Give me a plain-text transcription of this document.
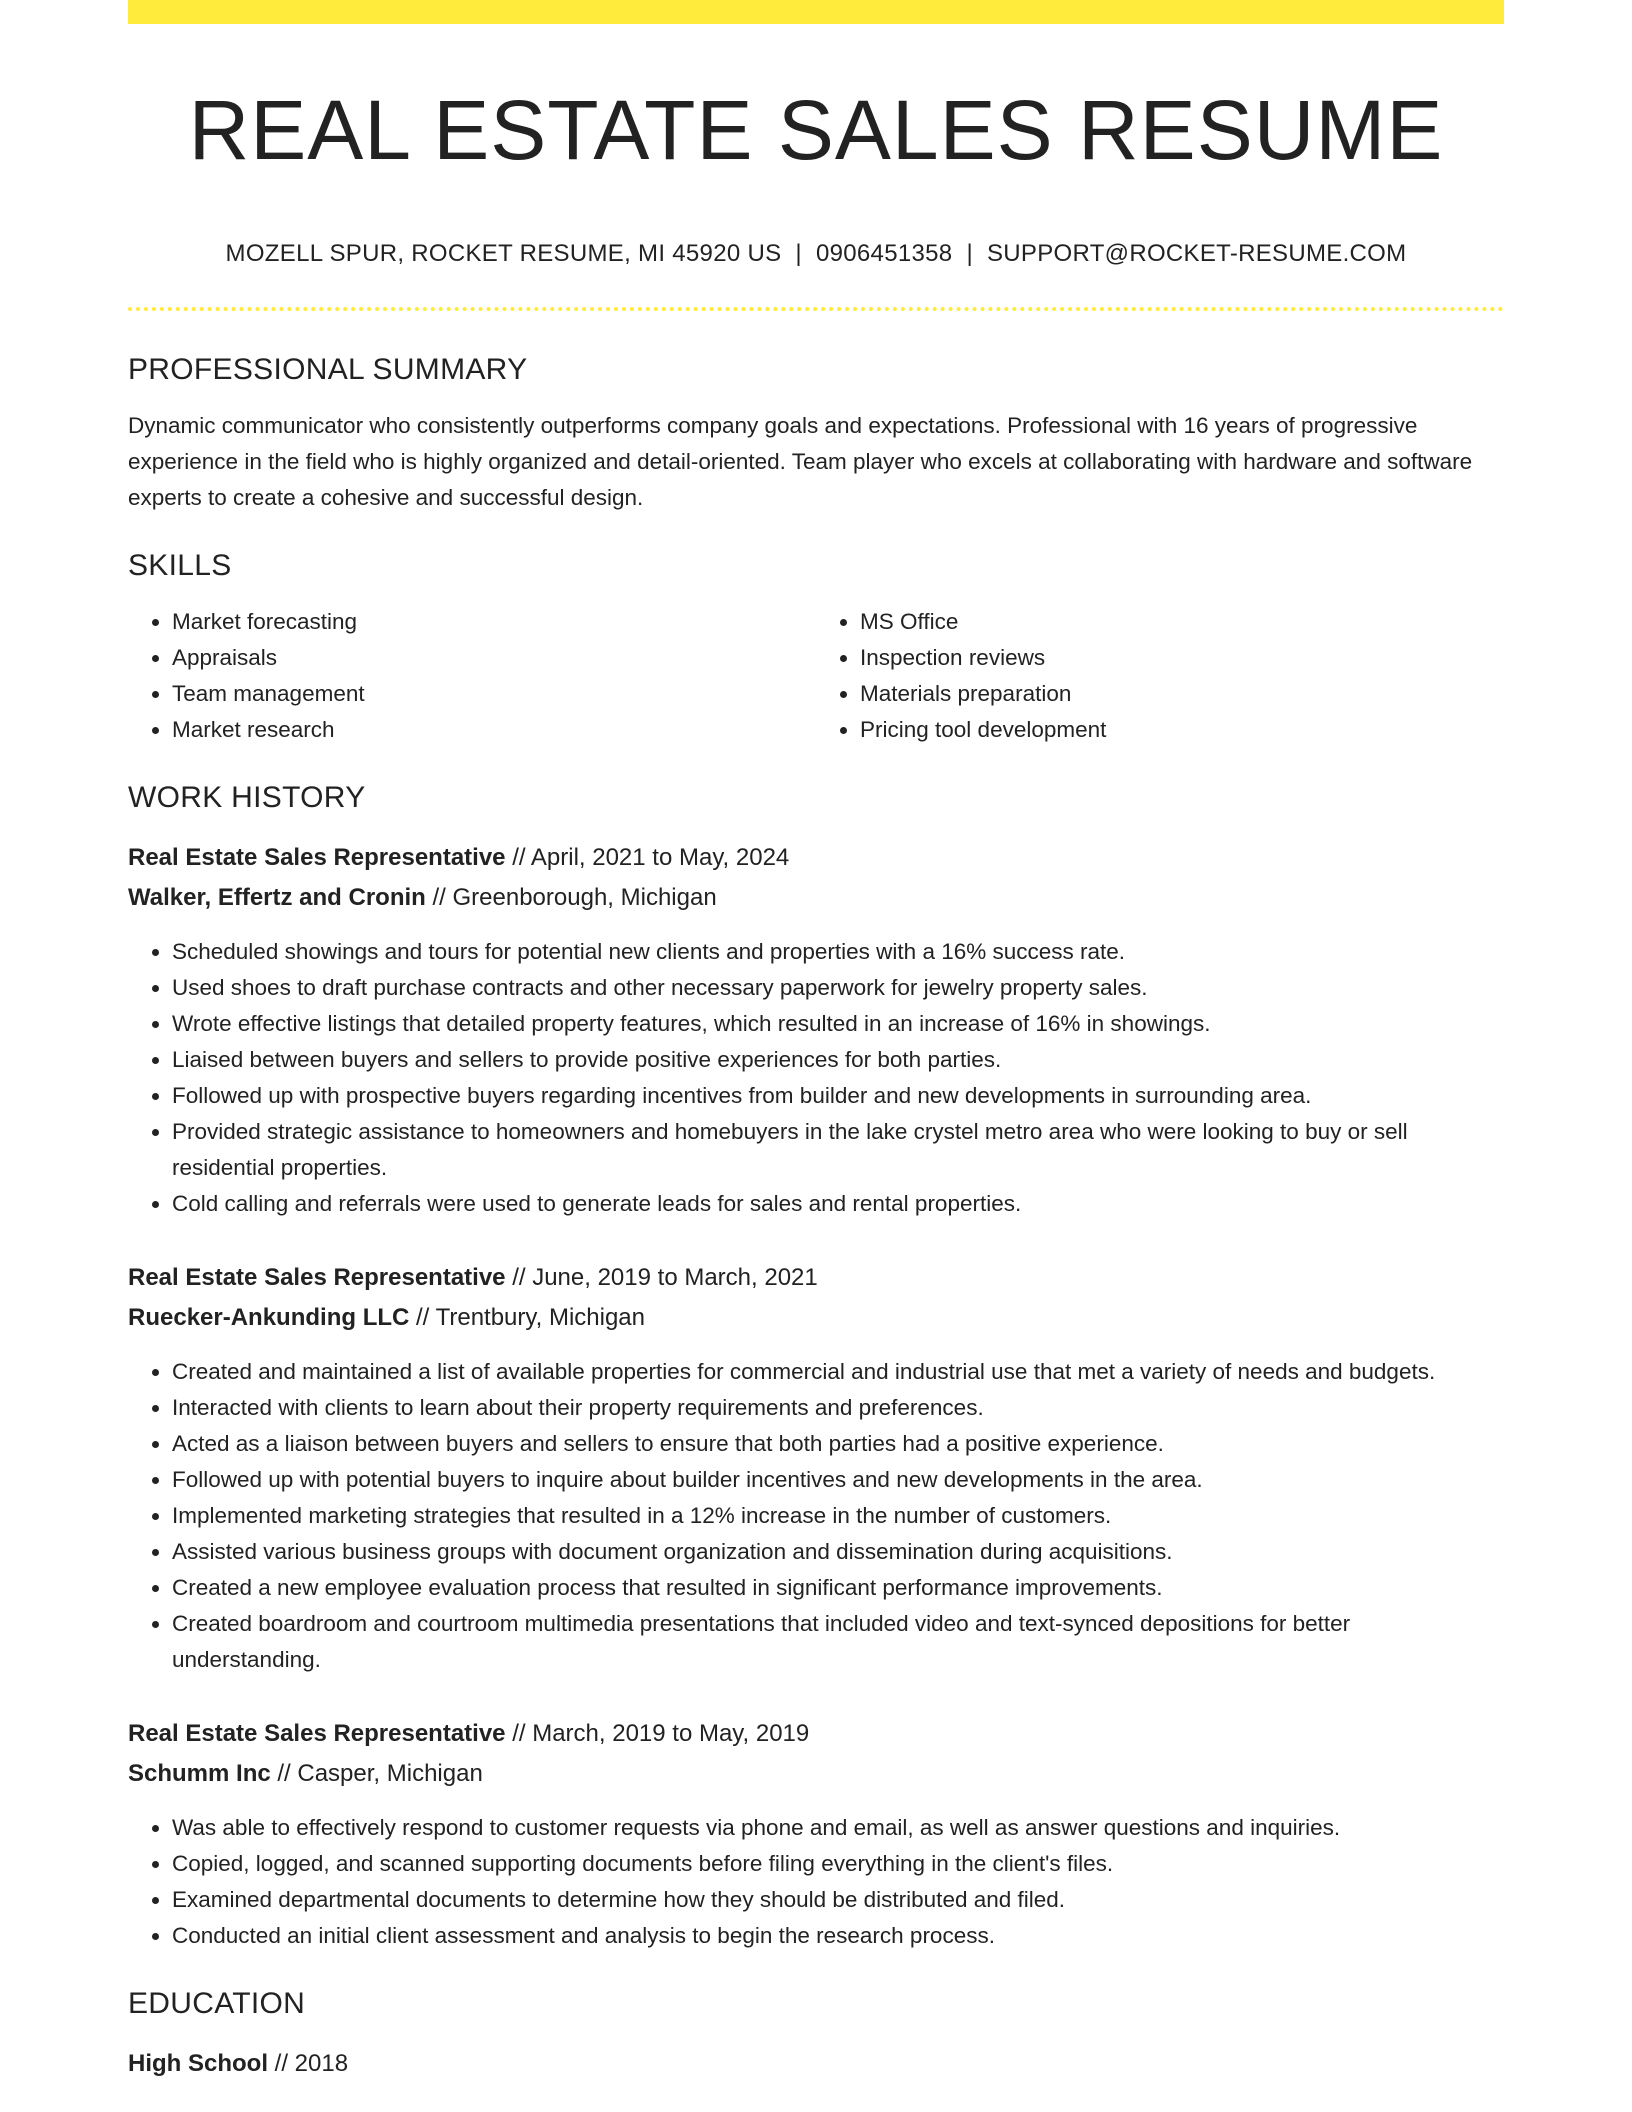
REAL ESTATE SALES RESUME
MOZELL SPUR, ROCKET RESUME, MI 45920 US | 0906451358 | SUPPORT@ROCKET-RESUME.COM
PROFESSIONAL SUMMARY

Dynamic communicator who consistently outperforms company goals and expectations. Professional with 16 years of progressive experience in the field who is highly organized and detail-oriented. Team player who excels at collaborating with hardware and software experts to create a cohesive and successful design.

SKILLS
• Market forecasting
• Appraisals
• Team management
• Market research
• MS Office
• Inspection reviews
• Materials preparation
• Pricing tool development
WORK HISTORY
Real Estate Sales Representative // April, 2021 to May, 2024
Walker, Effertz and Cronin // Greenborough, Michigan
• Scheduled showings and tours for potential new clients and properties with a 16% success rate.
• Used shoes to draft purchase contracts and other necessary paperwork for jewelry property sales.
• Wrote effective listings that detailed property features, which resulted in an increase of 16% in showings.
• Liaised between buyers and sellers to provide positive experiences for both parties.
• Followed up with prospective buyers regarding incentives from builder and new developments in surrounding area.
• Provided strategic assistance to homeowners and homebuyers in the lake crystel metro area who were looking to buy or sell residential properties.
• Cold calling and referrals were used to generate leads for sales and rental properties.
Real Estate Sales Representative // June, 2019 to March, 2021
Ruecker-Ankunding LLC // Trentbury, Michigan
• Created and maintained a list of available properties for commercial and industrial use that met a variety of needs and budgets.
• Interacted with clients to learn about their property requirements and preferences.
• Acted as a liaison between buyers and sellers to ensure that both parties had a positive experience.
• Followed up with potential buyers to inquire about builder incentives and new developments in the area.
• Implemented marketing strategies that resulted in a 12% increase in the number of customers.
• Assisted various business groups with document organization and dissemination during acquisitions.
• Created a new employee evaluation process that resulted in significant performance improvements.
• Created boardroom and courtroom multimedia presentations that included video and text-synced depositions for better understanding.
Real Estate Sales Representative // March, 2019 to May, 2019
Schumm Inc // Casper, Michigan
• Was able to effectively respond to customer requests via phone and email, as well as answer questions and inquiries.
• Copied, logged, and scanned supporting documents before filing everything in the client's files.
• Examined departmental documents to determine how they should be distributed and filed.
• Conducted an initial client assessment and analysis to begin the research process.
EDUCATION
High School // 2018
